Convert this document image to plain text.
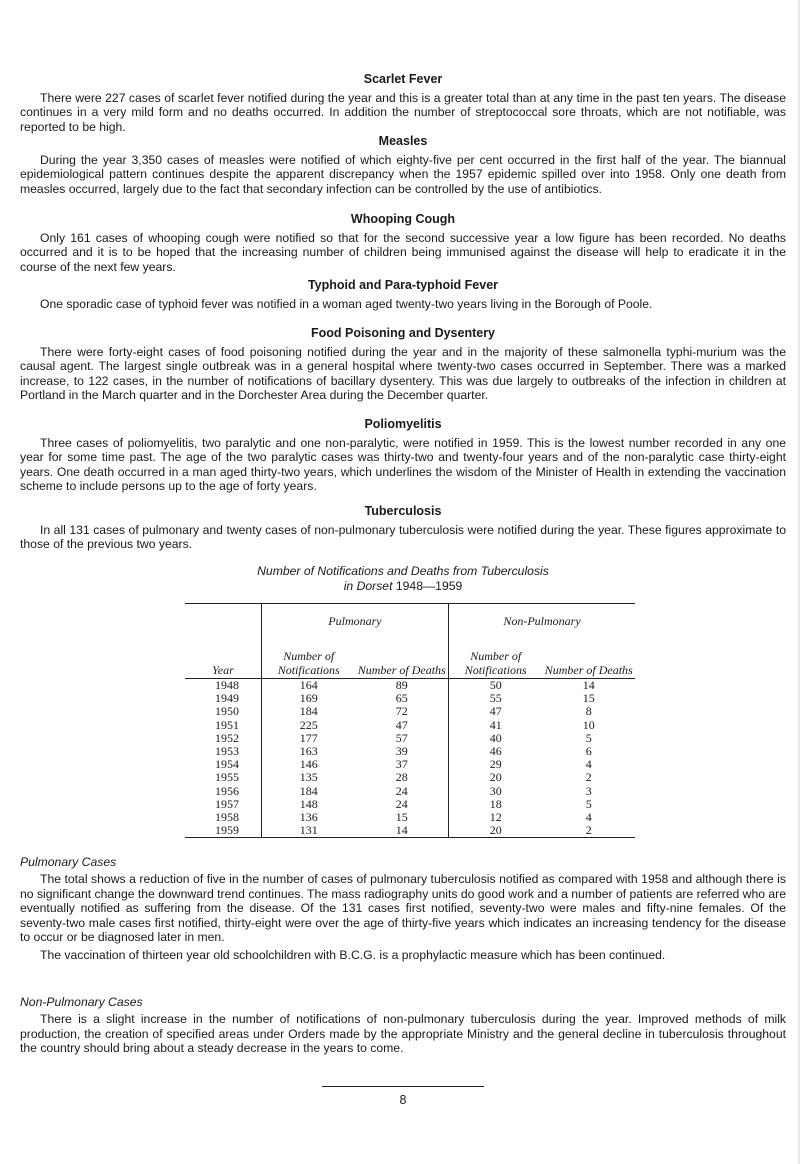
Scarlet Fever

There were 227 cases of scarlet fever notified during the year and this is a greater total than at any time in the past ten years. The disease continues in a very mild form and no deaths occurred. In addition the number of streptococcal sore throats, which are not notifiable, was reported to be high.

Measles

During the year 3,350 cases of measles were notified of which eighty-five per cent occurred in the first half of the year. The biannual epidemiological pattern continues despite the apparent discrepancy when the 1957 epidemic spilled over into 1958. Only one death from measles occurred, largely due to the fact that secondary infection can be controlled by the use of antibiotics.

Whooping Cough

Only 161 cases of whooping cough were notified so that for the second successive year a low figure has been recorded. No deaths occurred and it is to be hoped that the increasing number of children being immunised against the disease will help to eradicate it in the course of the next few years.

Typhoid and Para-typhoid Fever

One sporadic case of typhoid fever was notified in a woman aged twenty-two years living in the Borough of Poole.

Food Poisoning and Dysentery

There were forty-eight cases of food poisoning notified during the year and in the majority of these salmonella typhi-murium was the causal agent. The largest single outbreak was in a general hospital where twenty-two cases occurred in September. There was a marked increase, to 122 cases, in the number of notifications of bacillary dysentery. This was due largely to outbreaks of the infection in children at Portland in the March quarter and in the Dorchester Area during the December quarter.

Poliomyelitis

Three cases of poliomyelitis, two paralytic and one non-paralytic, were notified in 1959. This is the lowest number recorded in any one year for some time past. The age of the two paralytic cases was thirty-two and twenty-four years and of the non-paralytic case thirty-eight years. One death occurred in a man aged thirty-two years, which underlines the wisdom of the Minister of Health in extending the vaccination scheme to include persons up to the age of forty years.

Tuberculosis

In all 131 cases of pulmonary and twenty cases of non-pulmonary tuberculosis were notified during the year. These figures approximate to those of the previous two years.

Number of Notifications and Deaths from Tuberculosis
in Dorset 1948—1959
	Pulmonary		Non-Pulmonary	
Year	Number of Notifications	Number of Deaths	Number of Notifications	Number of Deaths
1948	164	89	50	14
1949	169	65	55	15
1950	184	72	47	8
1951	225	47	41	10
1952	177	57	40	5
1953	163	39	46	6
1954	146	37	29	4
1955	135	28	20	2
1956	184	24	30	3
1957	148	24	18	5
1958	136	15	12	4
1959	131	14	20	2
Pulmonary Cases

The total shows a reduction of five in the number of cases of pulmonary tuberculosis notified as compared with 1958 and although there is no significant change the downward trend continues. The mass radiography units do good work and a number of patients are referred who are eventually notified as suffering from the disease. Of the 131 cases first notified, seventy-two were males and fifty-nine females. Of the seventy-two male cases first notified, thirty-eight were over the age of thirty-five years which indicates an increasing tendency for the disease to occur or be diagnosed later in men.

The vaccination of thirteen year old schoolchildren with B.C.G. is a prophylactic measure which has been continued.

Non-Pulmonary Cases

There is a slight increase in the number of notifications of non-pulmonary tuberculosis during the year. Improved methods of milk production, the creation of specified areas under Orders made by the appropriate Ministry and the general decline in tuberculosis throughout the country should bring about a steady decrease in the years to come.

8
